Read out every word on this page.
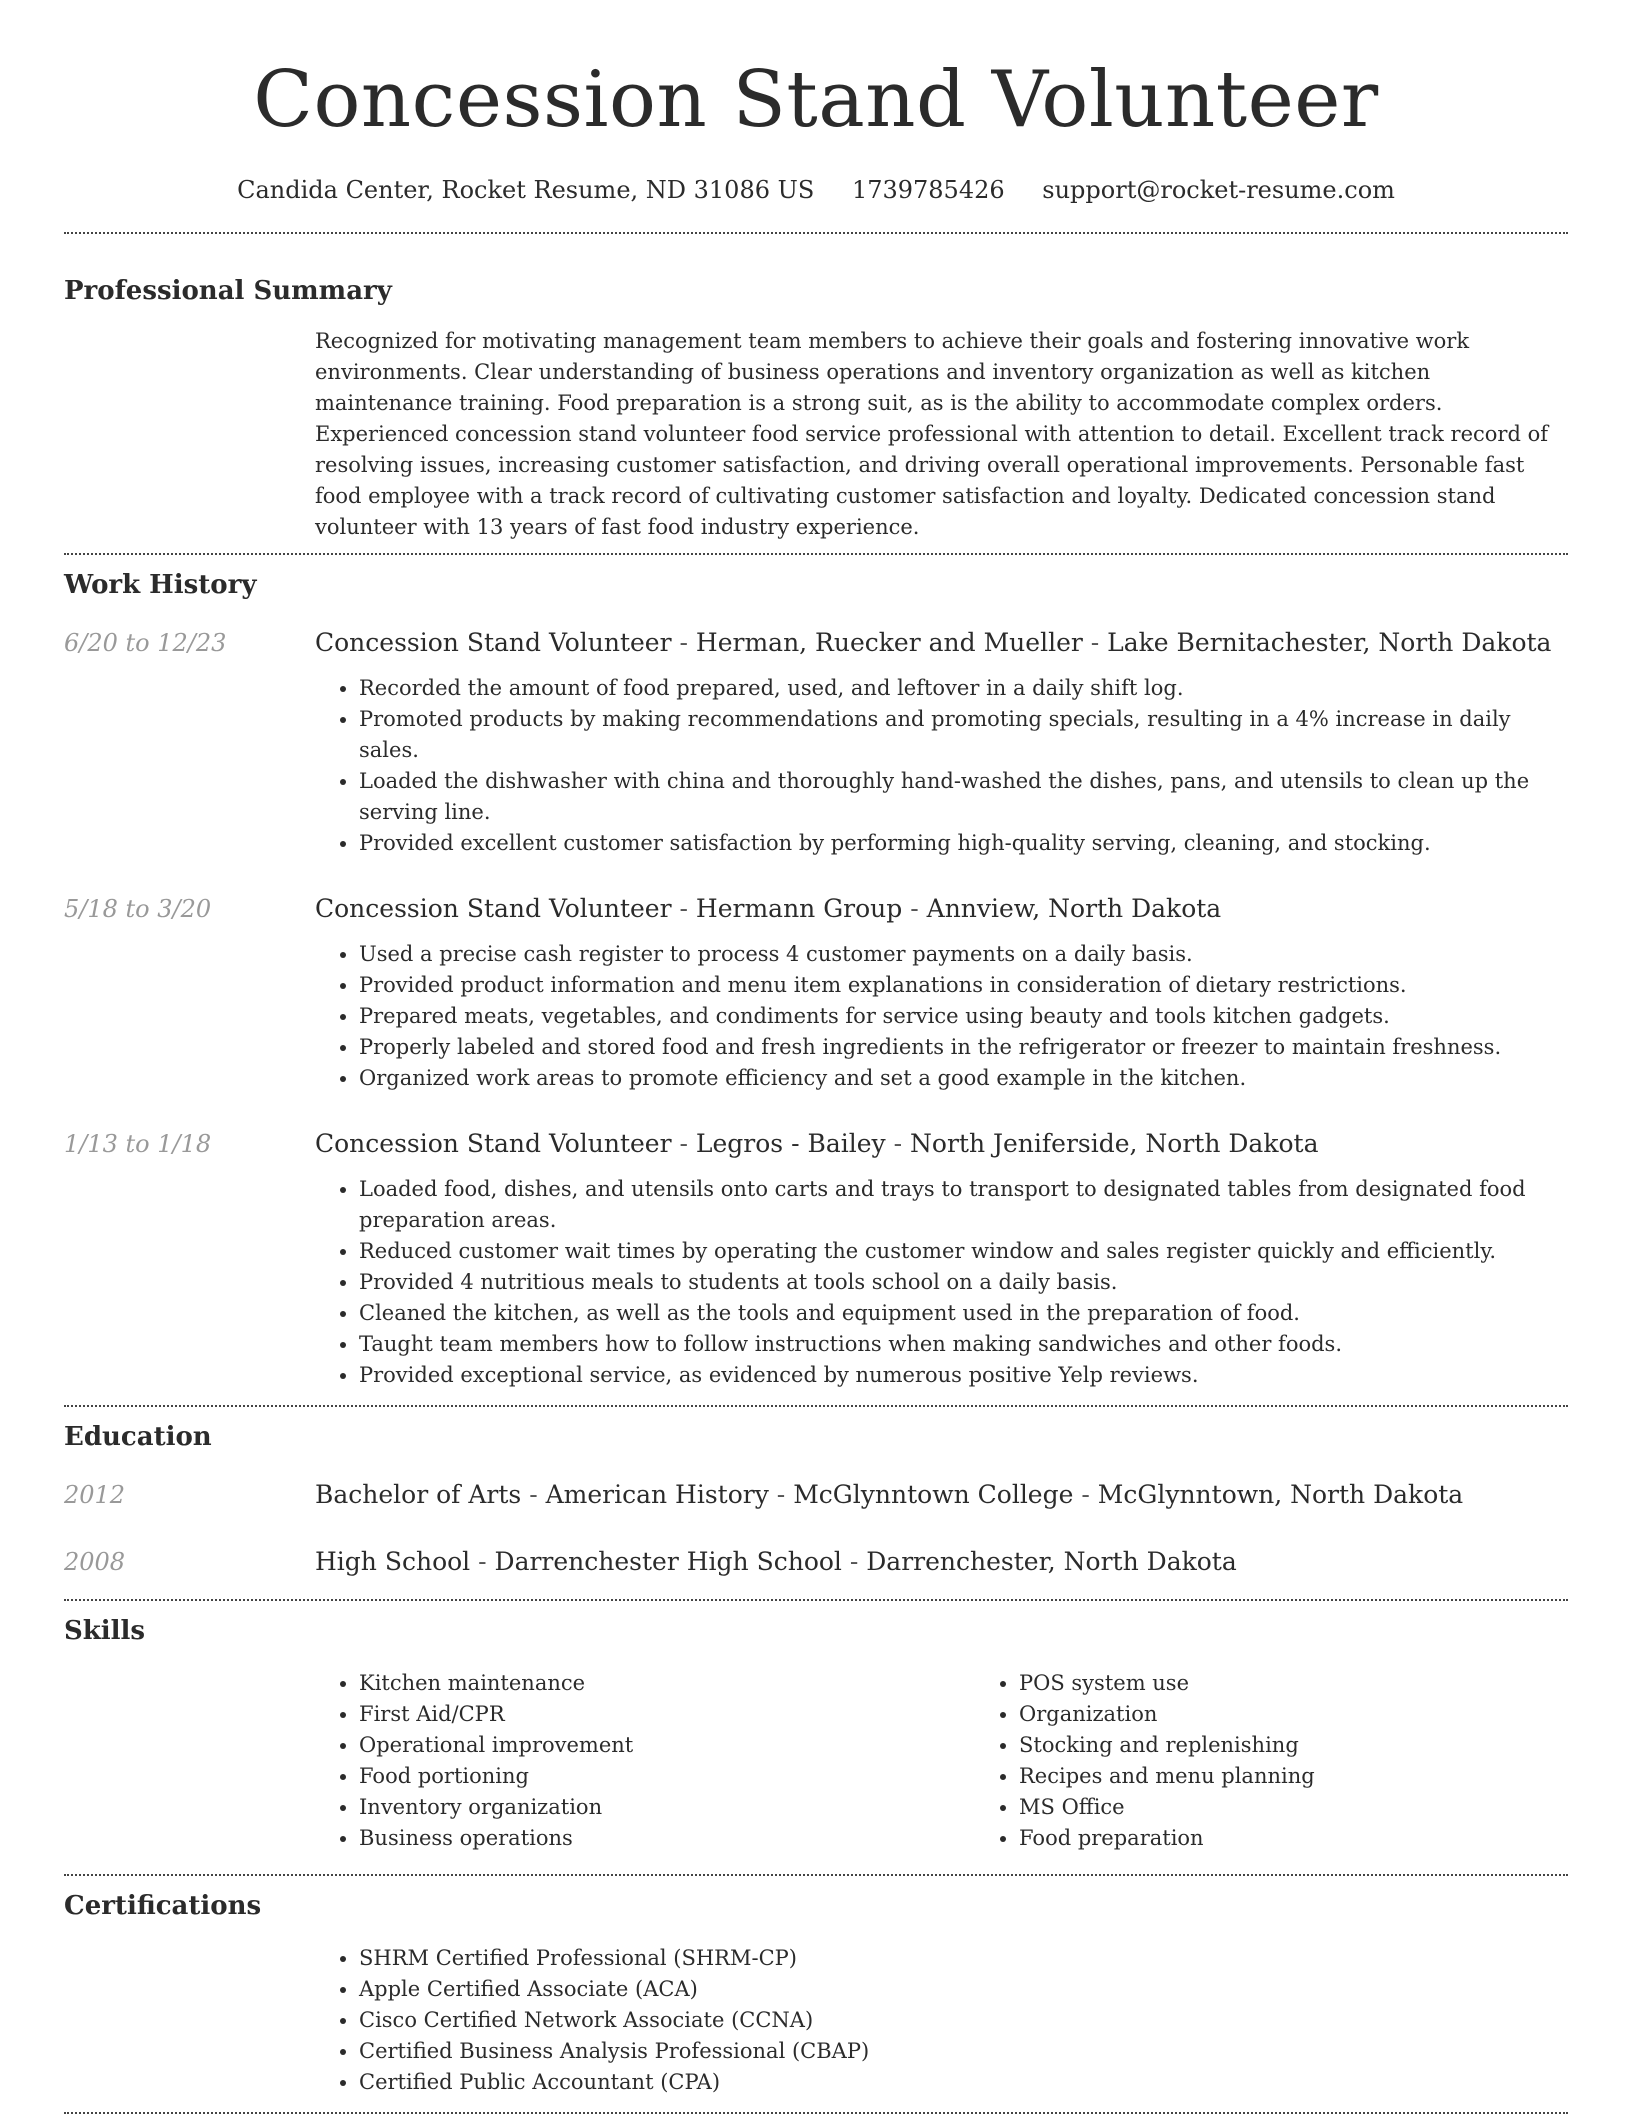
Concession Stand Volunteer
Candida Center, Rocket Resume, ND 31086 US 1739785426 support@rocket-resume.com
Professional Summary

Recognized for motivating management team members to achieve their goals and fostering innovative work environments. Clear understanding of business operations and inventory organization as well as kitchen maintenance training. Food preparation is a strong suit, as is the ability to accommodate complex orders. Experienced concession stand volunteer food service professional with attention to detail. Excellent track record of resolving issues, increasing customer satisfaction, and driving overall operational improvements. Personable fast food employee with a track record of cultivating customer satisfaction and loyalty. Dedicated concession stand volunteer with 13 years of fast food industry experience.

Work History
6/20 to 12/23	Concession Stand Volunteer - Herman, Ruecker and Mueller - Lake Bernitachester, North Dakota

• Recorded the amount of food prepared, used, and leftover in a daily shift log.
• Promoted products by making recommendations and promoting specials, resulting in a 4% increase in daily sales.
• Loaded the dishwasher with china and thoroughly hand-washed the dishes, pans, and utensils to clean up the serving line.
• Provided excellent customer satisfaction by performing high-quality serving, cleaning, and stocking.
5/18 to 3/20	Concession Stand Volunteer - Hermann Group - Annview, North Dakota

• Used a precise cash register to process 4 customer payments on a daily basis.
• Provided product information and menu item explanations in consideration of dietary restrictions.
• Prepared meats, vegetables, and condiments for service using beauty and tools kitchen gadgets.
• Properly labeled and stored food and fresh ingredients in the refrigerator or freezer to maintain freshness.
• Organized work areas to promote efficiency and set a good example in the kitchen.
1/13 to 1/18	Concession Stand Volunteer - Legros - Bailey - North Jeniferside, North Dakota

• Loaded food, dishes, and utensils onto carts and trays to transport to designated tables from designated food preparation areas.
• Reduced customer wait times by operating the customer window and sales register quickly and efficiently.
• Provided 4 nutritious meals to students at tools school on a daily basis.
• Cleaned the kitchen, as well as the tools and equipment used in the preparation of food.
• Taught team members how to follow instructions when making sandwiches and other foods.
• Provided exceptional service, as evidenced by numerous positive Yelp reviews.
Education
2012	Bachelor of Arts - American History - McGlynntown College - McGlynntown, North Dakota

2008	High School - Darrenchester High School - Darrenchester, North Dakota

Skills
• Kitchen maintenance
• First Aid/CPR
• Operational improvement
• Food portioning
• Inventory organization
• Business operations
• POS system use
• Organization
• Stocking and replenishing
• Recipes and menu planning
• MS Office
• Food preparation
Certifications
• SHRM Certified Professional (SHRM-CP)
• Apple Certified Associate (ACA)
• Cisco Certified Network Associate (CCNA)
• Certified Business Analysis Professional (CBAP)
• Certified Public Accountant (CPA)
